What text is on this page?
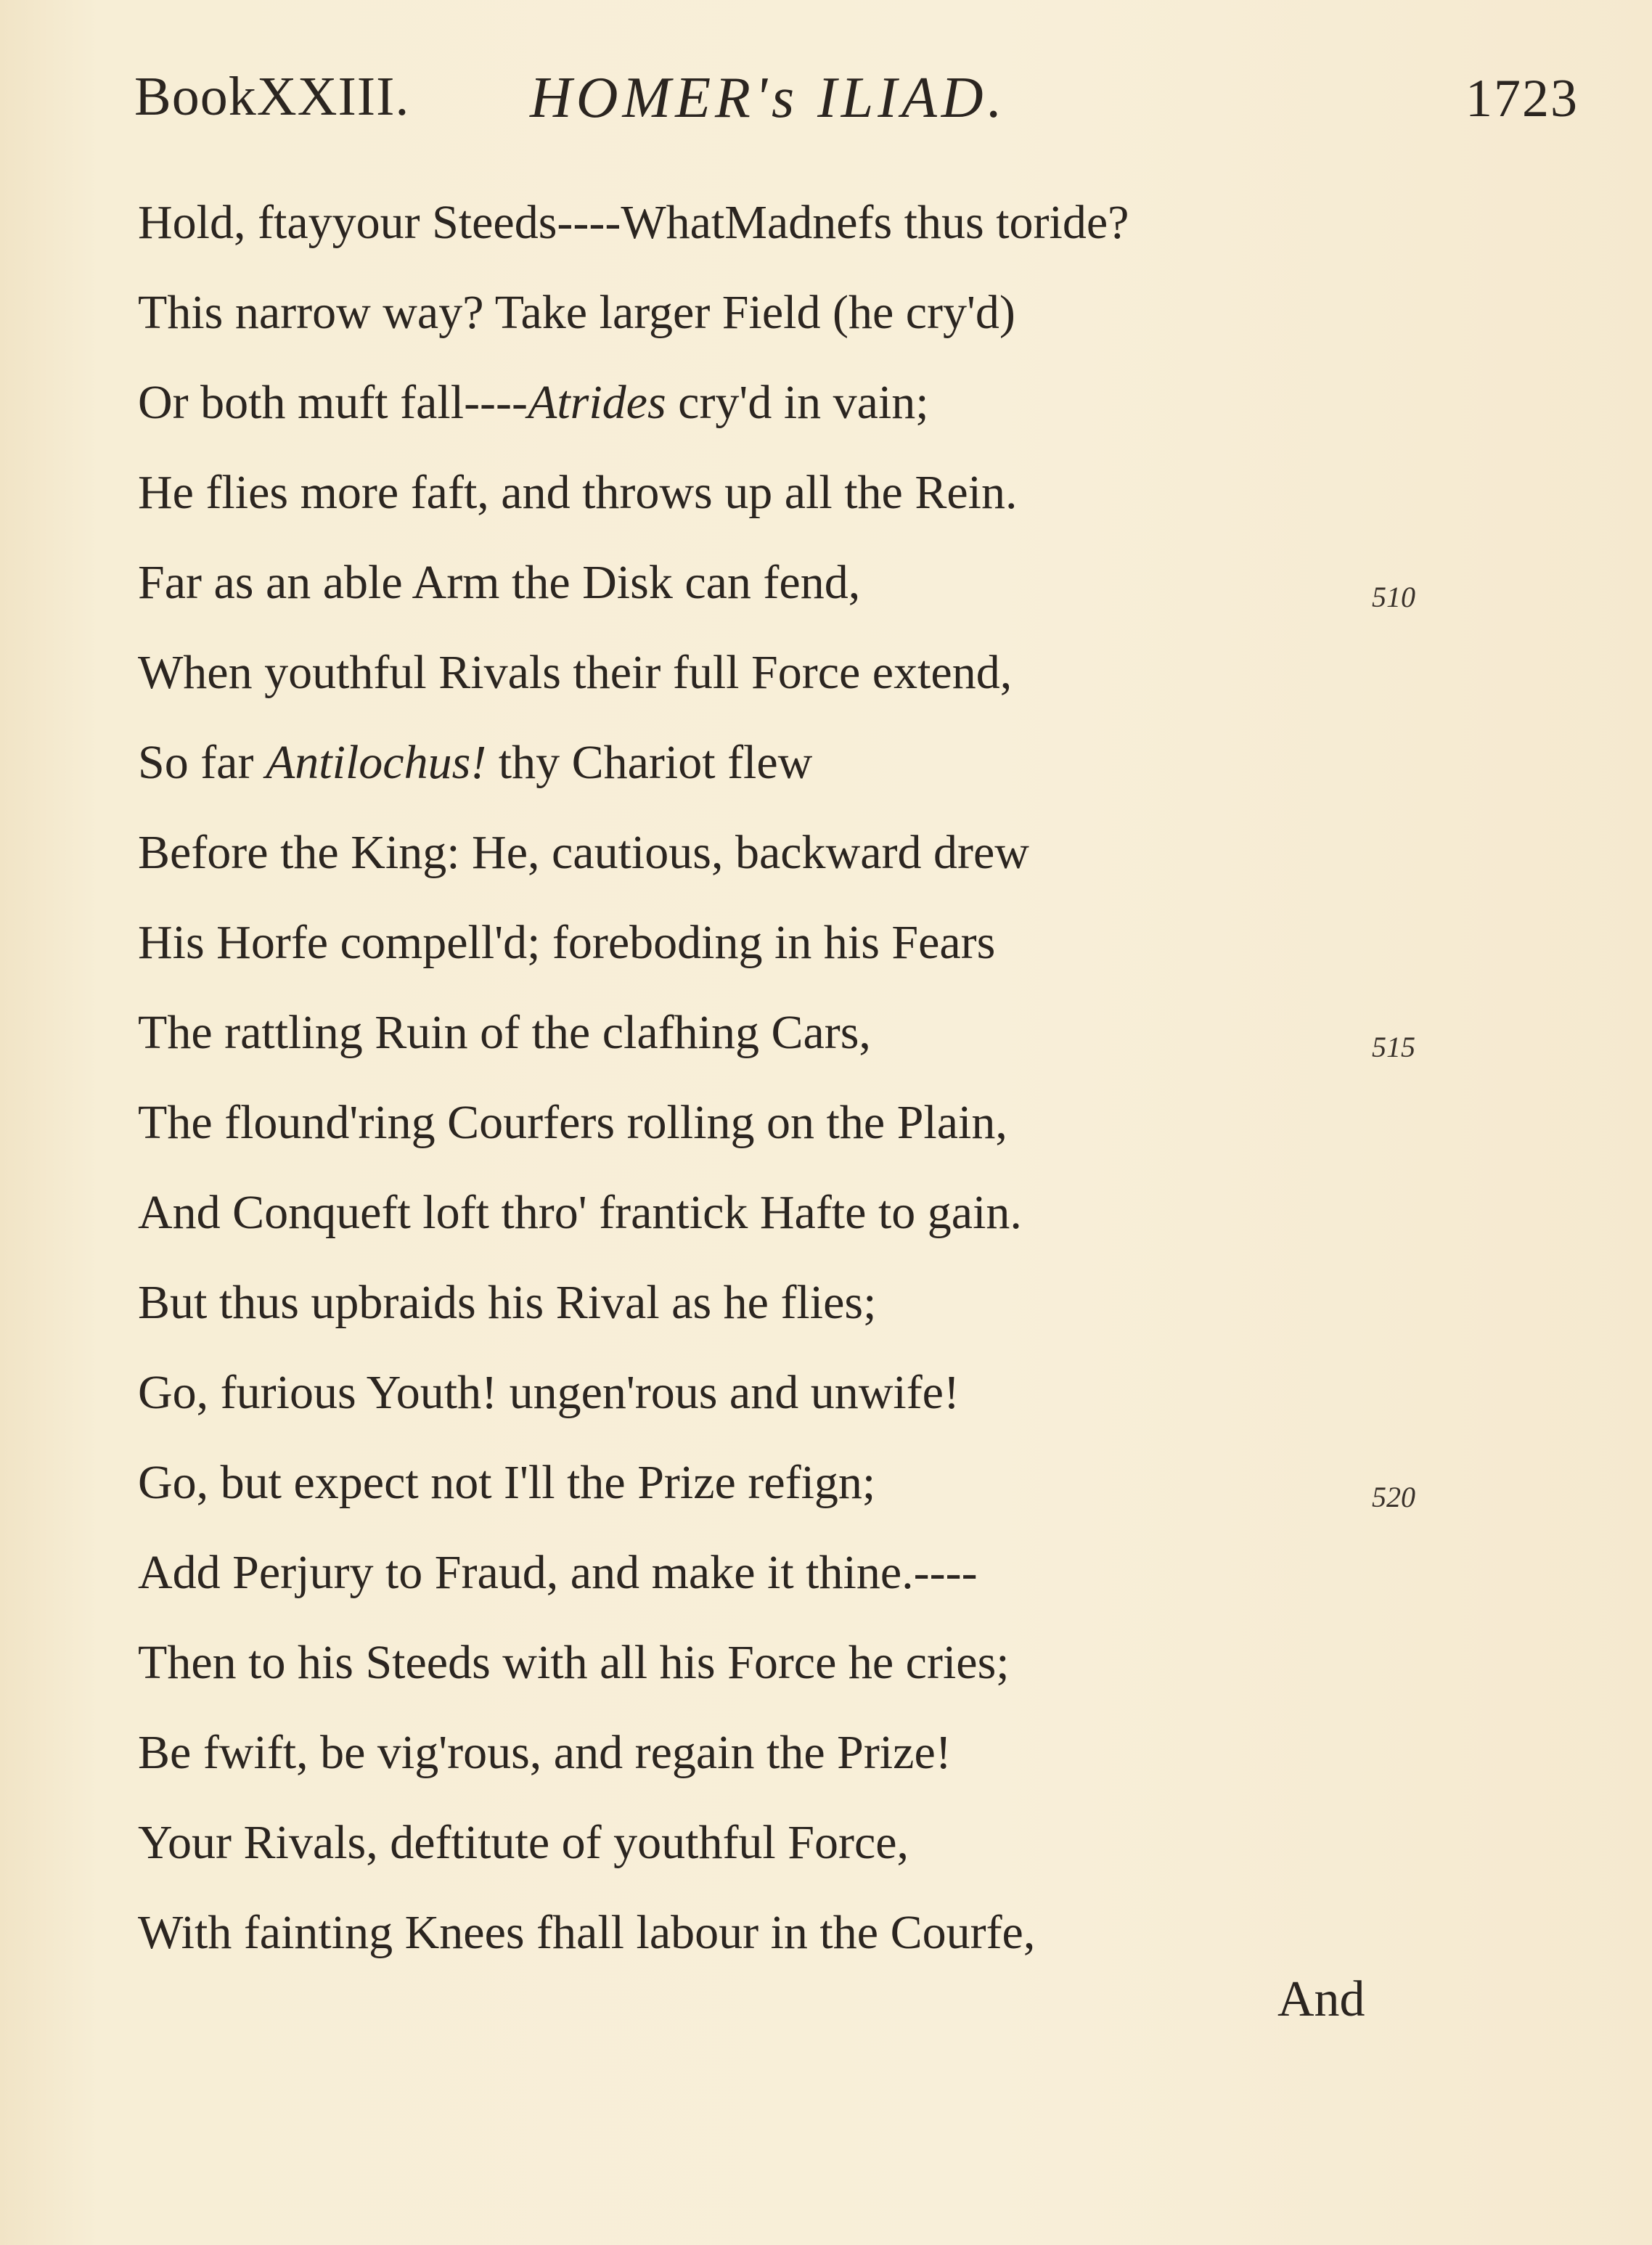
BookXXIII. HOMER's ILIAD.	1723
Hold, ftayyour Steeds----WhatMadnefs thus toride?
This narrow way? Take larger Field (he cry'd)
Or both muft fall----Atrides cry'd in vain;
He flies more faft, and throws up all the Rein.
Far as an able Arm the Disk can fend,	510
When youthful Rivals their full Force extend,
So far Antilochus! thy Chariot flew
Before the King: He, cautious, backward drew
His Horfe compell'd; foreboding in his Fears
The rattling Ruin of the clafhing Cars,	515
The flound'ring Courfers rolling on the Plain,
And Conqueft loft thro' frantick Hafte to gain.
But thus upbraids his Rival as he flies;
Go, furious Youth! ungen'rous and unwife!
Go, but expect not I'll the Prize refign;	520
Add Perjury to Fraud, and make it thine.----
Then to his Steeds with all his Force he cries;
Be fwift, be vig'rous, and regain the Prize!
Your Rivals, deftitute of youthful Force,
With fainting Knees fhall labour in the Courfe,
And
